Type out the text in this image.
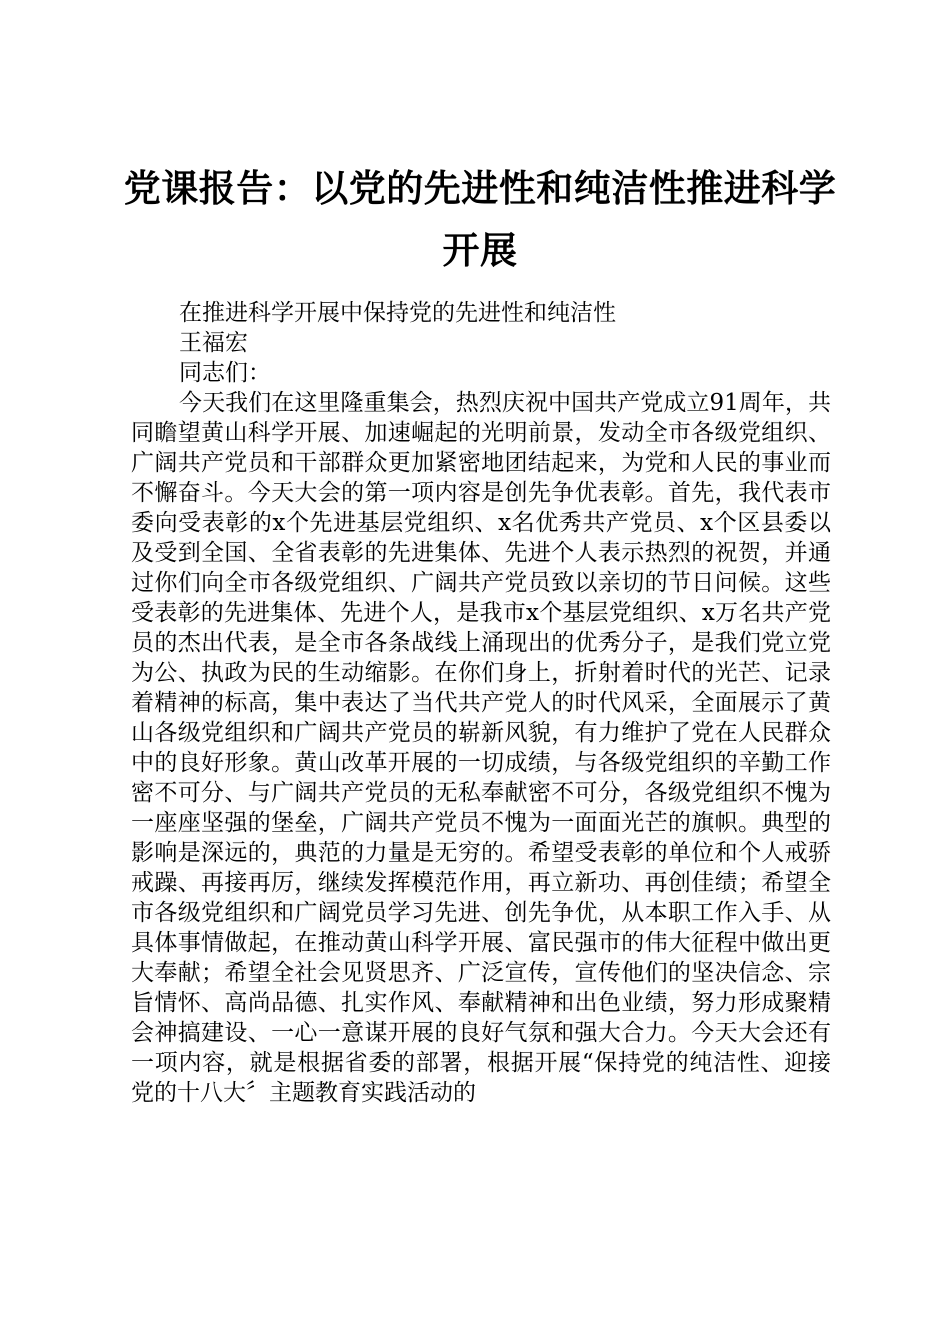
党课报告：以党的先进性和纯洁性推进科学开展
在推进科学开展中保持党的先进性和纯洁性
王福宏
同志们：
今天我们在这里隆重集会，热烈庆祝中国共产党成立91周年，共同瞻望黄山科学开展、加速崛起的光明前景，发动全市各级党组织、广阔共产党员和干部群众更加紧密地团结起来，为党和人民的事业而不懈奋斗。今天大会的第一项内容是创先争优表彰。首先，我代表市委向受表彰的x个先进基层党组织、x名优秀共产党员、x个区县委以及受到全国、全省表彰的先进集体、先进个人表示热烈的祝贺，并通过你们向全市各级党组织、广阔共产党员致以亲切的节日问候。这些受表彰的先进集体、先进个人，是我市x个基层党组织、x万名共产党员的杰出代表，是全市各条战线上涌现出的优秀分子，是我们党立党为公、执政为民的生动缩影。在你们身上，折射着时代的光芒、记录着精神的标高，集中表达了当代共产党人的时代风采，全面展示了黄山各级党组织和广阔共产党员的崭新风貌，有力维护了党在人民群众中的良好形象。黄山改革开展的一切成绩，与各级党组织的辛勤工作密不可分、与广阔共产党员的无私奉献密不可分，各级党组织不愧为一座座坚强的堡垒，广阔共产党员不愧为一面面光芒的旗帜。典型的影响是深远的，典范的力量是无穷的。希望受表彰的单位和个人戒骄戒躁、再接再厉，继续发挥模范作用，再立新功、再创佳绩；希望全市各级党组织和广阔党员学习先进、创先争优，从本职工作入手、从具体事情做起，在推动黄山科学开展、富民强市的伟大征程中做出更大奉献；希望全社会见贤思齐、广泛宣传，宣传他们的坚决信念、宗旨情怀、高尚品德、扎实作风、奉献精神和出色业绩，努力形成聚精会神搞建设、一心一意谋开展的良好气氛和强大合力。今天大会还有一项内容，就是根据省委的部署，根据开展“保持党的纯洁性、迎接党的十八大〞主题教育实践活动的
